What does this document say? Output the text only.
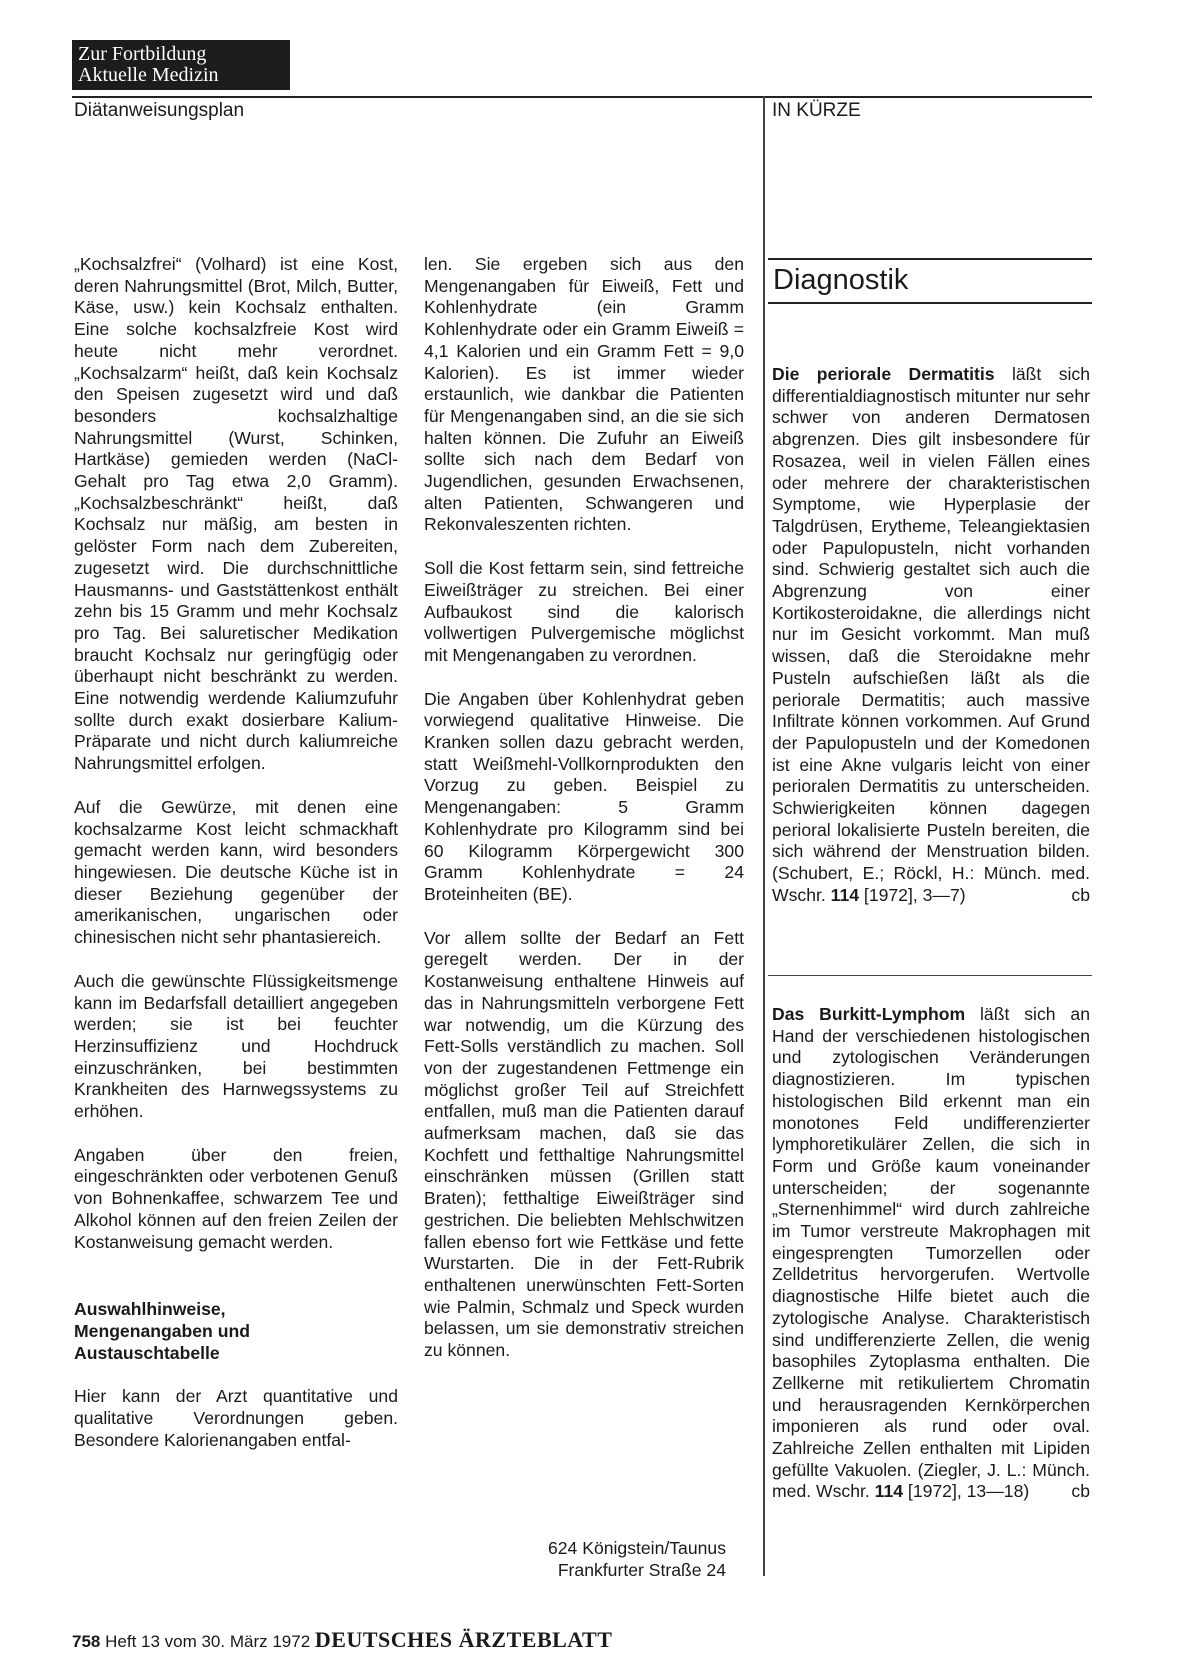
Zur Fortbildung
Aktuelle Medizin
Diätanweisungsplan	IN KÜRZE

„Kochsalzfrei“ (Volhard) ist eine Kost, deren Nahrungsmittel (Brot, Milch, Butter, Käse, usw.) kein Kochsalz enthalten. Eine solche kochsalzfreie Kost wird heute nicht mehr verordnet. „Kochsalzarm“ heißt, daß kein Kochsalz den Speisen zugesetzt wird und daß besonders kochsalzhaltige Nahrungsmittel (Wurst, Schinken, Hartkäse) gemieden werden (NaCl-Gehalt pro Tag etwa 2,0 Gramm). „Kochsalzbeschränkt“ heißt, daß Kochsalz nur mäßig, am besten in gelöster Form nach dem Zubereiten, zugesetzt wird. Die durchschnittliche Hausmanns- und Gaststättenkost enthält zehn bis 15 Gramm und mehr Kochsalz pro Tag. Bei saluretischer Medikation braucht Kochsalz nur geringfügig oder überhaupt nicht beschränkt zu werden. Eine notwendig werdende Kaliumzufuhr sollte durch exakt dosierbare Kalium-Präparate und nicht durch kaliumreiche Nahrungsmittel erfolgen.

Auf die Gewürze, mit denen eine kochsalzarme Kost leicht schmackhaft gemacht werden kann, wird besonders hingewiesen. Die deutsche Küche ist in dieser Beziehung gegenüber der amerikanischen, ungarischen oder chinesischen nicht sehr phantasiereich.

Auch die gewünschte Flüssigkeitsmenge kann im Bedarfsfall detailliert angegeben werden; sie ist bei feuchter Herzinsuffizienz und Hochdruck einzuschränken, bei bestimmten Krankheiten des Harnwegssystems zu erhöhen.

Angaben über den freien, eingeschränkten oder verbotenen Genuß von Bohnenkaffee, schwarzem Tee und Alkohol können auf den freien Zeilen der Kostanweisung gemacht werden.

Auswahlhinweise,
Mengenangaben und
Austauschtabelle

Hier kann der Arzt quantitative und qualitative Verordnungen geben. Besondere Kalorienangaben entfal-

len. Sie ergeben sich aus den Mengenangaben für Eiweiß, Fett und Kohlenhydrate (ein Gramm Kohlenhydrate oder ein Gramm Eiweiß = 4,1 Kalorien und ein Gramm Fett = 9,0 Kalorien). Es ist immer wieder erstaunlich, wie dankbar die Patienten für Mengenangaben sind, an die sie sich halten können. Die Zufuhr an Eiweiß sollte sich nach dem Bedarf von Jugendlichen, gesunden Erwachsenen, alten Patienten, Schwangeren und Rekonvaleszenten richten.

Soll die Kost fettarm sein, sind fettreiche Eiweißträger zu streichen. Bei einer Aufbaukost sind die kalorisch vollwertigen Pulvergemische möglichst mit Mengenangaben zu verordnen.

Die Angaben über Kohlenhydrat geben vorwiegend qualitative Hinweise. Die Kranken sollen dazu gebracht werden, statt Weißmehl-Vollkornprodukten den Vorzug zu geben. Beispiel zu Mengenangaben: 5 Gramm Kohlenhydrate pro Kilogramm sind bei 60 Kilogramm Körpergewicht 300 Gramm Kohlenhydrate = 24 Broteinheiten (BE).

Vor allem sollte der Bedarf an Fett geregelt werden. Der in der Kostanweisung enthaltene Hinweis auf das in Nahrungsmitteln verborgene Fett war notwendig, um die Kürzung des Fett-Solls verständlich zu machen. Soll von der zugestandenen Fettmenge ein möglichst großer Teil auf Streichfett entfallen, muß man die Patienten darauf aufmerksam machen, daß sie das Kochfett und fetthaltige Nahrungsmittel einschränken müssen (Grillen statt Braten); fetthaltige Eiweißträger sind gestrichen. Die beliebten Mehlschwitzen fallen ebenso fort wie Fettkäse und fette Wurstarten. Die in der Fett-Rubrik enthaltenen unerwünschten Fett-Sorten wie Palmin, Schmalz und Speck wurden belassen, um sie demonstrativ streichen zu können.

624 Königstein/Taunus
Frankfurter Straße 24
Diagnostik

Die periorale Dermatitis läßt sich differentialdiagnostisch mitunter nur sehr schwer von anderen Dermatosen abgrenzen. Dies gilt insbesondere für Rosazea, weil in vielen Fällen eines oder mehrere der charakteristischen Symptome, wie Hyperplasie der Talgdrüsen, Erytheme, Teleangiektasien oder Papulopusteln, nicht vorhanden sind. Schwierig gestaltet sich auch die Abgrenzung von einer Kortikosteroidakne, die allerdings nicht nur im Gesicht vorkommt. Man muß wissen, daß die Steroidakne mehr Pusteln aufschießen läßt als die periorale Dermatitis; auch massive Infiltrate können vorkommen. Auf Grund der Papulopusteln und der Komedonen ist eine Akne vulgaris leicht von einer perioralen Dermatitis zu unterscheiden. Schwierigkeiten können dagegen perioral lokalisierte Pusteln bereiten, die sich während der Menstruation bilden. (Schubert, E.; Röckl, H.: Münch. med. Wschr. 114 [1972], 3—7)	cb

Das Burkitt-Lymphom läßt sich an Hand der verschiedenen histologischen und zytologischen Veränderungen diagnostizieren. Im typischen histologischen Bild erkennt man ein monotones Feld undifferenzierter lymphoretikulärer Zellen, die sich in Form und Größe kaum voneinander unterscheiden; der sogenannte „Sternenhimmel“ wird durch zahlreiche im Tumor verstreute Makrophagen mit eingesprengten Tumorzellen oder Zelldetritus hervorgerufen. Wertvolle diagnostische Hilfe bietet auch die zytologische Analyse. Charakteristisch sind undifferenzierte Zellen, die wenig basophiles Zytoplasma enthalten. Die Zellkerne mit retikuliertem Chromatin und herausragenden Kernkörperchen imponieren als rund oder oval. Zahlreiche Zellen enthalten mit Lipiden gefüllte Vakuolen. (Ziegler, J. L.: Münch. med. Wschr. 114 [1972], 13—18) cb

758 Heft 13 vom 30. März 1972 DEUTSCHES ÄRZTEBLATT
